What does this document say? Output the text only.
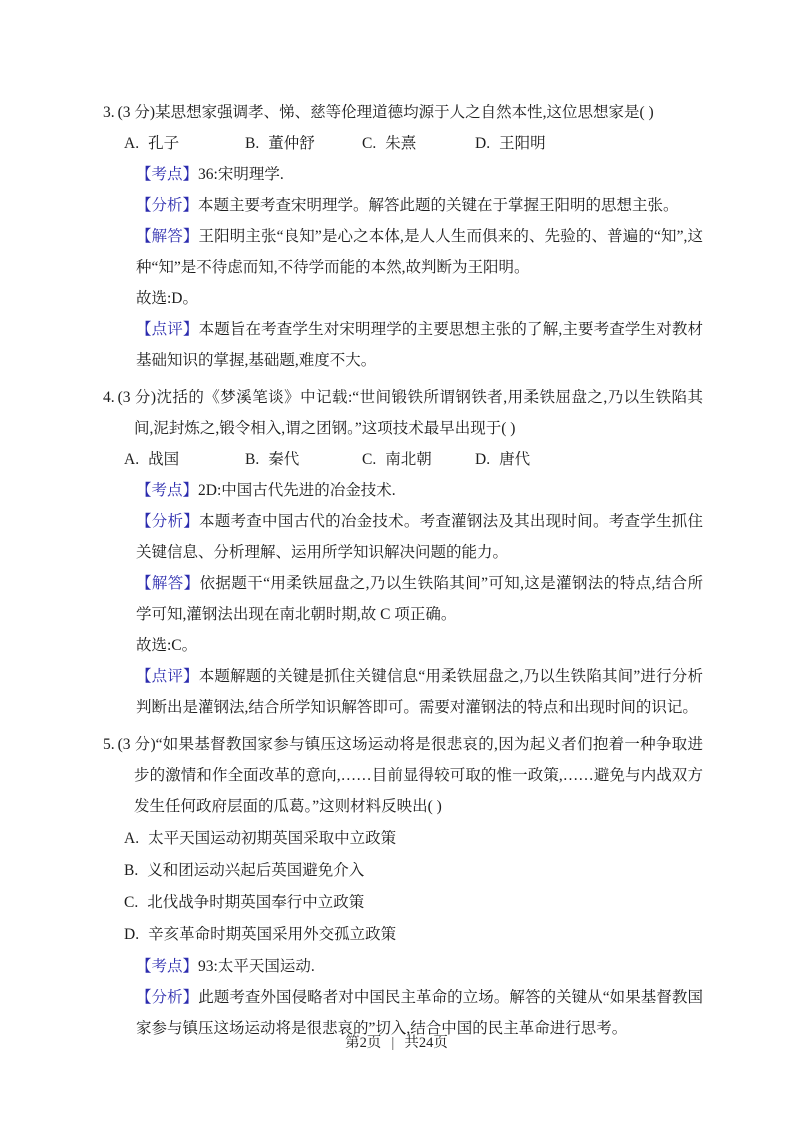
3. (3 分)某思想家强调孝、悌、慈等伦理道德均源于人之自然本性,这位思想家是( )

A. 孔子	B. 董仲舒	C. 朱熹	D. 王阳明

【考点】36:宋明理学.

【分析】本题主要考查宋明理学。解答此题的关键在于掌握王阳明的思想主张。

【解答】王阳明主张“良知”是心之本体,是人人生而俱来的、先验的、普遍的“知”,这种“知”是不待虑而知,不待学而能的本然,故判断为王阳明。

故选:D。

【点评】本题旨在考查学生对宋明理学的主要思想主张的了解,主要考查学生对教材基础知识的掌握,基础题,难度不大。

4. (3 分)沈括的《梦溪笔谈》中记载:“世间锻铁所谓钢铁者,用柔铁屈盘之,乃以生铁陷其间,泥封炼之,锻令相入,谓之团钢。”这项技术最早出现于( )

A. 战国	B. 秦代	C. 南北朝	D. 唐代

【考点】2D:中国古代先进的冶金技术.

【分析】本题考查中国古代的冶金技术。考查灌钢法及其出现时间。考查学生抓住关键信息、分析理解、运用所学知识解决问题的能力。

【解答】依据题干“用柔铁屈盘之,乃以生铁陷其间”可知,这是灌钢法的特点,结合所学可知,灌钢法出现在南北朝时期,故 C 项正确。

故选:C。

【点评】本题解题的关键是抓住关键信息“用柔铁屈盘之,乃以生铁陷其间”进行分析判断出是灌钢法,结合所学知识解答即可。需要对灌钢法的特点和出现时间的识记。

5. (3 分)“如果基督教国家参与镇压这场运动将是很悲哀的,因为起义者们抱着一种争取进步的激情和作全面改革的意向,……目前显得较可取的惟一政策,……避免与内战双方发生任何政府层面的瓜葛。”这则材料反映出( )

A. 太平天国运动初期英国采取中立政策

B. 义和团运动兴起后英国避免介入

C. 北伐战争时期英国奉行中立政策

D. 辛亥革命时期英国采用外交孤立政策

【考点】93:太平天国运动.

【分析】此题考查外国侵略者对中国民主革命的立场。解答的关键从“如果基督教国家参与镇压这场运动将是很悲哀的”切入,结合中国的民主革命进行思考。

第2页 | 共24页
